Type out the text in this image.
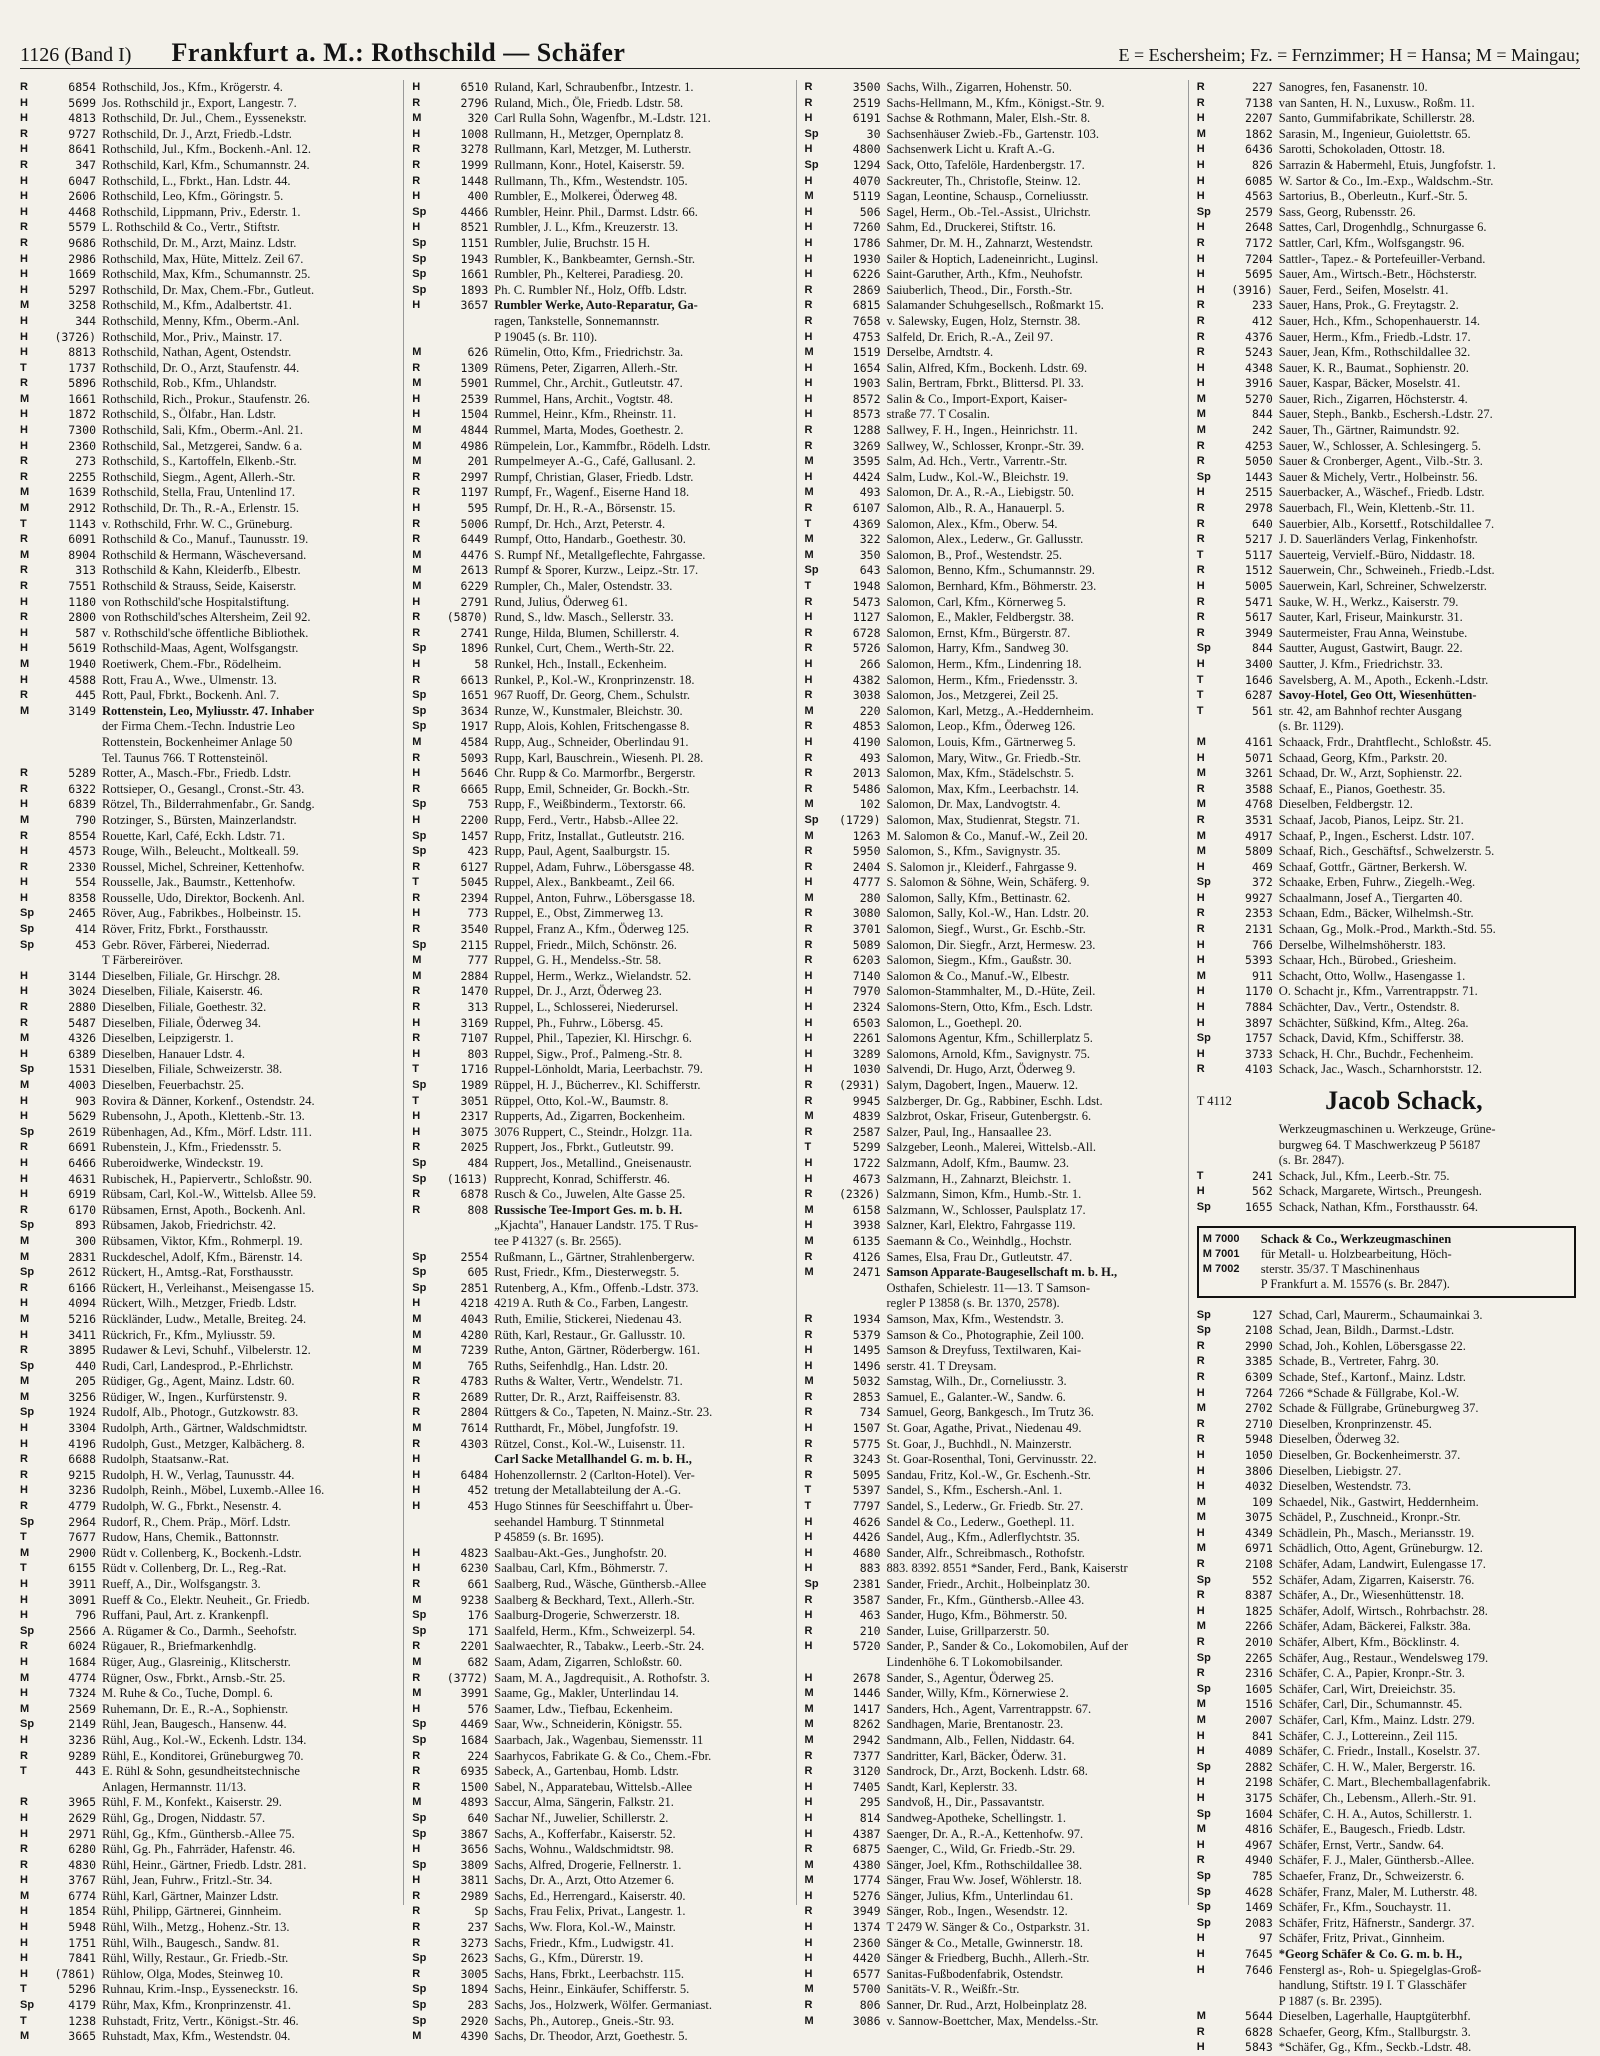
1126 (Band I) Frankfurt a. M.: Rothschild — Schäfer	E = Eschersheim; Fz. = Fernzimmer; H = Hansa; M = Maingau;
R	6854 Rothschild, Jos., Kfm., Krögerstr. 4.
H	5699 Jos. Rothschild jr., Export, Langestr. 7.
H	4813 Rothschild, Dr. Jul., Chem., Eyssenekstr.
R	9727 Rothschild, Dr. J., Arzt, Friedb.-Ldstr.
H	8641 Rothschild, Jul., Kfm., Bockenh.-Anl. 12.
R	347 Rothschild, Karl, Kfm., Schumannstr. 24.
H	6047 Rothschild, L., Fbrkt., Han. Ldstr. 44.
H	2606 Rothschild, Leo, Kfm., Göringstr. 5.
H	4468 Rothschild, Lippmann, Priv., Ederstr. 1.
R	5579 L. Rothschild & Co., Vertr., Stiftstr.
R	9686 Rothschild, Dr. M., Arzt, Mainz. Ldstr.
H	2986 Rothschild, Max, Hüte, Mittelz. Zeil 67.
H	1669 Rothschild, Max, Kfm., Schumannstr. 25.
H	5297 Rothschild, Dr. Max, Chem.-Fbr., Gutleut.
M	3258 Rothschild, M., Kfm., Adalbertstr. 41.
H	344 Rothschild, Menny, Kfm., Oberm.-Anl.
H	(3726) Rothschild, Mor., Priv., Mainstr. 17.
H	8813 Rothschild, Nathan, Agent, Ostendstr.
T	1737 Rothschild, Dr. O., Arzt, Staufenstr. 44.
R	5896 Rothschild, Rob., Kfm., Uhlandstr.
M	1661 Rothschild, Rich., Prokur., Staufenstr. 26.
H	1872 Rothschild, S., Ölfabr., Han. Ldstr.
H	7300 Rothschild, Sali, Kfm., Oberm.-Anl. 21.
H	2360 Rothschild, Sal., Metzgerei, Sandw. 6 a.
R	273 Rothschild, S., Kartoffeln, Elkenb.-Str.
R	2255 Rothschild, Siegm., Agent, Allerh.-Str.
M	1639 Rothschild, Stella, Frau, Untenlind 17.
M	2912 Rothschild, Dr. Th., R.-A., Erlenstr. 15.
T	1143 v. Rothschild, Frhr. W. C., Grüneburg.
R	6091 Rothschild & Co., Manuf., Taunusstr. 19.
M	8904 Rothschild & Hermann, Wäscheversand.
R	313 Rothschild & Kahn, Kleiderfb., Elbestr.
R	7551 Rothschild & Strauss, Seide, Kaiserstr.
H	1180 von Rothschild'sche Hospitalstiftung.
R	2800 von Rothschild'sches Altersheim, Zeil 92.
H	587 v. Rothschild'sche öffentliche Bibliothek.
H	5619 Rothschild-Maas, Agent, Wolfsgangstr.
M	1940 Roetiwerk, Chem.-Fbr., Rödelheim.
H	4588 Rott, Frau A., Wwe., Ulmenstr. 13.
R	445 Rott, Paul, Fbrkt., Bockenh. Anl. 7.
M	3149 Rottenstein, Leo, Myliusstr. 47. Inhaber
der Firma Chem.-Techn. Industrie Leo
Rottenstein, Bockenheimer Anlage 50
Tel. Taunus 766. T Rottensteinöl.
R	5289 Rotter, A., Masch.-Fbr., Friedb. Ldstr.
R	6322 Rottsieper, O., Gesangl., Cronst.-Str. 43.
H	6839 Rötzel, Th., Bilderrahmenfabr., Gr. Sandg.
M	790 Rotzinger, S., Bürsten, Mainzerlandstr.
R	8554 Rouette, Karl, Café, Eckh. Ldstr. 71.
H	4573 Rouge, Wilh., Beleucht., Moltkeall. 59.
R	2330 Roussel, Michel, Schreiner, Kettenhofw.
H	554 Rousselle, Jak., Baumstr., Kettenhofw.
H	8358 Rousselle, Udo, Direktor, Bockenh. Anl.
Sp	2465 Röver, Aug., Fabrikbes., Holbeinstr. 15.
Sp	414 Röver, Fritz, Fbrkt., Forsthausstr.
Sp	453 Gebr. Röver, Färberei, Niederrad.
T Färbereiröver.
H	3144 Dieselben, Filiale, Gr. Hirschgr. 28.
H	3024 Dieselben, Filiale, Kaiserstr. 46.
R	2880 Dieselben, Filiale, Goethestr. 32.
R	5487 Dieselben, Filiale, Öderweg 34.
M	4326 Dieselben, Leipzigerstr. 1.
H	6389 Dieselben, Hanauer Ldstr. 4.
Sp	1531 Dieselben, Filiale, Schweizerstr. 38.
M	4003 Dieselben, Feuerbachstr. 25.
H	903 Rovira & Dänner, Korkenf., Ostendstr. 24.
H	5629 Rubensohn, J., Apoth., Klettenb.-Str. 13.
Sp	2619 Rübenhagen, Ad., Kfm., Mörf. Ldstr. 111.
R	6691 Rubenstein, J., Kfm., Friedensstr. 5.
H	6466 Ruberoidwerke, Windeckstr. 19.
H	4631 Rubischek, H., Papiervertr., Schloßstr. 90.
H	6919 Rübsam, Carl, Kol.-W., Wittelsb. Allee 59.
R	6170 Rübsamen, Ernst, Apoth., Bockenh. Anl.
Sp	893 Rübsamen, Jakob, Friedrichstr. 42.
M	300 Rübsamen, Viktor, Kfm., Rohmerpl. 19.
M	2831 Ruckdeschel, Adolf, Kfm., Bärenstr. 14.
Sp	2612 Rückert, H., Amtsg.-Rat, Forsthausstr.
R	6166 Rückert, H., Verleihanst., Meisengasse 15.
H	4094 Rückert, Wilh., Metzger, Friedb. Ldstr.
M	5216 Rückländer, Ludw., Metalle, Breiteg. 24.
H	3411 Rückrich, Fr., Kfm., Myliusstr. 59.
R	3895 Rudawer & Levi, Schuhf., Vilbelerstr. 12.
Sp	440 Rudi, Carl, Landesprod., P.-Ehrlichstr.
M	205 Rüdiger, Gg., Agent, Mainz. Ldstr. 60.
M	3256 Rüdiger, W., Ingen., Kurfürstenstr. 9.
Sp	1924 Rudolf, Alb., Photogr., Gutzkowstr. 83.
H	3304 Rudolph, Arth., Gärtner, Waldschmidtstr.
H	4196 Rudolph, Gust., Metzger, Kalbächerg. 8.
R	6688 Rudolph, Staatsanw.-Rat.
R	9215 Rudolph, H. W., Verlag, Taunusstr. 44.
H	3236 Rudolph, Reinh., Möbel, Luxemb.-Allee 16.
R	4779 Rudolph, W. G., Fbrkt., Nesenstr. 4.
Sp	2964 Rudorf, R., Chem. Präp., Mörf. Ldstr.
T	7677 Rudow, Hans, Chemik., Battonnstr.
M	2900 Rüdt v. Collenberg, K., Bockenh.-Ldstr.
T	6155 Rüdt v. Collenberg, Dr. L., Reg.-Rat.
H	3911 Rueff, A., Dir., Wolfsgangstr. 3.
H	3091 Rueff & Co., Elektr. Neuheit., Gr. Friedb.
H	796 Ruffani, Paul, Art. z. Krankenpfl.
Sp	2566 A. Rügamer & Co., Darmh., Seehofstr.
R	6024 Rügauer, R., Briefmarkenhdlg.
H	1684 Rüger, Aug., Glasreinig., Klitscherstr.
M	4774 Rügner, Osw., Fbrkt., Arnsb.-Str. 25.
H	7324 M. Ruhe & Co., Tuche, Dompl. 6.
M	2569 Ruhemann, Dr. E., R.-A., Sophienstr.
Sp	2149 Rühl, Jean, Baugesch., Hansenw. 44.
H	3236 Rühl, Aug., Kol.-W., Eckenh. Ldstr. 134.
R	9289 Rühl, E., Konditorei, Grüneburgweg 70.
T	443 E. Rühl & Sohn, gesundheitstechnische
Anlagen, Hermannstr. 11/13.
R	3965 Rühl, F. M., Konfekt., Kaiserstr. 29.
H	2629 Rühl, Gg., Drogen, Niddastr. 57.
H	2971 Rühl, Gg., Kfm., Günthersb.-Allee 75.
R	6280 Rühl, Gg. Ph., Fahrräder, Hafenstr. 46.
R	4830 Rühl, Heinr., Gärtner, Friedb. Ldstr. 281.
H	3767 Rühl, Jean, Fuhrw., Fritzl.-Str. 34.
M	6774 Rühl, Karl, Gärtner, Mainzer Ldstr.
H	1854 Rühl, Philipp, Gärtnerei, Ginnheim.
H	5948 Rühl, Wilh., Metzg., Hohenz.-Str. 13.
H	1751 Rühl, Wilh., Baugesch., Sandw. 81.
H	7841 Rühl, Willy, Restaur., Gr. Friedb.-Str.
H	(7861) Rühlow, Olga, Modes, Steinweg 10.
T	5296 Ruhnau, Krim.-Insp., Eysseneckstr. 16.
Sp	4179 Rühr, Max, Kfm., Kronprinzenstr. 41.
T	1238 Ruhstadt, Fritz, Vertr., Königst.-Str. 46.
M	3665 Ruhstadt, Max, Kfm., Westendstr. 04.
H	6510 Ruland, Karl, Schraubenfbr., Intzestr. 1.
R	2796 Ruland, Mich., Öle, Friedb. Ldstr. 58.
M	320 Carl Rulla Sohn, Wagenfbr., M.-Ldstr. 121.
H	1008 Rullmann, H., Metzger, Opernplatz 8.
R	3278 Rullmann, Karl, Metzger, M. Lutherstr.
R	1999 Rullmann, Konr., Hotel, Kaiserstr. 59.
R	1448 Rullmann, Th., Kfm., Westendstr. 105.
H	400 Rumbler, E., Molkerei, Öderweg 48.
Sp	4466 Rumbler, Heinr. Phil., Darmst. Ldstr. 66.
H	8521 Rumbler, J. L., Kfm., Kreuzerstr. 13.
Sp	1151 Rumbler, Julie, Bruchstr. 15 H.
Sp	1943 Rumbler, K., Bankbeamter, Gernsh.-Str.
Sp	1661 Rumbler, Ph., Kelterei, Paradiesg. 20.
Sp	1893 Ph. C. Rumbler Nf., Holz, Offb. Ldstr.
H	3657 Rumbler Werke, Auto-Reparatur, Ga-
ragen, Tankstelle, Sonnemannstr.
P 19045 (s. Br. 110).
M	626 Rümelin, Otto, Kfm., Friedrichstr. 3a.
R	1309 Rümens, Peter, Zigarren, Allerh.-Str.
M	5901 Rummel, Chr., Archit., Gutleutstr. 47.
H	2539 Rummel, Hans, Archit., Vogtstr. 48.
H	1504 Rummel, Heinr., Kfm., Rheinstr. 11.
M	4844 Rummel, Marta, Modes, Goethestr. 2.
M	4986 Rümpelein, Lor., Kammfbr., Rödelh. Ldstr.
M	201 Rumpelmeyer A.-G., Café, Gallusanl. 2.
R	2997 Rumpf, Christian, Glaser, Friedb. Ldstr.
R	1197 Rumpf, Fr., Wagenf., Eiserne Hand 18.
H	595 Rumpf, Dr. H., R.-A., Börsenstr. 15.
R	5006 Rumpf, Dr. Hch., Arzt, Peterstr. 4.
R	6449 Rumpf, Otto, Handarb., Goethestr. 30.
M	4476 S. Rumpf Nf., Metallgeflechte, Fahrgasse.
M	2613 Rumpf & Sporer, Kurzw., Leipz.-Str. 17.
M	6229 Rumpler, Ch., Maler, Ostendstr. 33.
H	2791 Rund, Julius, Öderweg 61.
R	(5870) Rund, S., ldw. Masch., Sellerstr. 33.
R	2741 Runge, Hilda, Blumen, Schillerstr. 4.
Sp	1896 Runkel, Curt, Chem., Werth-Str. 22.
H	58 Runkel, Hch., Install., Eckenheim.
R	6613 Runkel, P., Kol.-W., Kronprinzenstr. 18.
Sp	1651 967 Ruoff, Dr. Georg, Chem., Schulstr.
Sp	3634 Runze, W., Kunstmaler, Bleichstr. 30.
Sp	1917 Rupp, Alois, Kohlen, Fritschengasse 8.
M	4584 Rupp, Aug., Schneider, Oberlindau 91.
R	5093 Rupp, Karl, Bauschrein., Wiesenh. Pl. 28.
H	5646 Chr. Rupp & Co. Marmorfbr., Bergerstr.
R	6665 Rupp, Emil, Schneider, Gr. Bockh.-Str.
Sp	753 Rupp, F., Weißbinderm., Textorstr. 66.
H	2200 Rupp, Ferd., Vertr., Habsb.-Allee 22.
Sp	1457 Rupp, Fritz, Installat., Gutleutstr. 216.
Sp	423 Rupp, Paul, Agent, Saalburgstr. 15.
R	6127 Ruppel, Adam, Fuhrw., Löbersgasse 48.
T	5045 Ruppel, Alex., Bankbeamt., Zeil 66.
R	2394 Ruppel, Anton, Fuhrw., Löbersgasse 18.
H	773 Ruppel, E., Obst, Zimmerweg 13.
R	3540 Ruppel, Franz A., Kfm., Öderweg 125.
Sp	2115 Ruppel, Friedr., Milch, Schönstr. 26.
M	777 Ruppel, G. H., Mendelss.-Str. 58.
M	2884 Ruppel, Herm., Werkz., Wielandstr. 52.
R	1470 Ruppel, Dr. J., Arzt, Öderweg 23.
R	313 Ruppel, L., Schlosserei, Niederursel.
H	3169 Ruppel, Ph., Fuhrw., Löbersg. 45.
R	7107 Ruppel, Phil., Tapezier, Kl. Hirschgr. 6.
H	803 Ruppel, Sigw., Prof., Palmeng.-Str. 8.
T	1716 Ruppel-Lönholdt, Maria, Leerbachstr. 79.
Sp	1989 Rüppel, H. J., Bücherrev., Kl. Schifferstr.
T	3051 Rüppel, Otto, Kol.-W., Baumstr. 8.
H	2317 Rupperts, Ad., Zigarren, Bockenheim.
H	3075 3076 Ruppert, C., Steindr., Holzgr. 11a.
R	2025 Ruppert, Jos., Fbrkt., Gutleutstr. 99.
Sp	484 Ruppert, Jos., Metallind., Gneisenaustr.
Sp	(1613) Rupprecht, Konrad, Schifferstr. 46.
R	6878 Rusch & Co., Juwelen, Alte Gasse 25.
R	808 Russische Tee-Import Ges. m. b. H.
„Kjachta", Hanauer Landstr. 175. T Rus-
tee P 41327 (s. Br. 2565).
Sp	2554 Rußmann, L., Gärtner, Strahlenbergerw.
Sp	605 Rust, Friedr., Kfm., Diesterwegstr. 5.
Sp	2851 Rutenberg, A., Kfm., Offenb.-Ldstr. 373.
H	4218 4219 A. Ruth & Co., Farben, Langestr.
M	4043 Ruth, Emilie, Stickerei, Niedenau 43.
M	4280 Rüth, Karl, Restaur., Gr. Gallusstr. 10.
M	7239 Ruthe, Anton, Gärtner, Röderbergw. 161.
M	765 Ruths, Seifenhdlg., Han. Ldstr. 20.
R	4783 Ruths & Walter, Vertr., Wendelstr. 71.
R	2689 Rutter, Dr. R., Arzt, Raiffeisenstr. 83.
R	2804 Rüttgers & Co., Tapeten, N. Mainz.-Str. 23.
M	7614 Rutthardt, Fr., Möbel, Jungfofstr. 19.
R	4303 Rützel, Const., Kol.-W., Luisenstr. 11.
H	Carl Sacke Metallhandel G. m. b. H.,
H	6484 Hohenzollernstr. 2 (Carlton-Hotel). Ver-
H	452 tretung der Metallabteilung der A.-G.
H	453 Hugo Stinnes für Seeschiffahrt u. Über-
seehandel Hamburg. T Stinnmetal
P 45859 (s. Br. 1695).
H	4823 Saalbau-Akt.-Ges., Junghofstr. 20.
H	6230 Saalbau, Carl, Kfm., Böhmerstr. 7.
R	661 Saalberg, Rud., Wäsche, Günthersb.-Allee
M	9238 Saalberg & Beckhard, Text., Allerh.-Str.
Sp	176 Saalburg-Drogerie, Schwerzerstr. 18.
Sp	171 Saalfeld, Herm., Kfm., Schweizerpl. 54.
R	2201 Saalwaechter, R., Tabakw., Leerb.-Str. 24.
M	682 Saam, Adam, Zigarren, Schloßstr. 60.
R	(3772) Saam, M. A., Jagdrequisit., A. Rothofstr. 3.
M	3991 Saame, Gg., Makler, Unterlindau 14.
H	576 Saamer, Ldw., Tiefbau, Eckenheim.
Sp	4469 Saar, Ww., Schneiderin, Königstr. 55.
Sp	1684 Saarbach, Jak., Wagenbau, Siemensstr. 11
R	224 Saarhycos, Fabrikate G. & Co., Chem.-Fbr.
R	6935 Sabeck, A., Gartenbau, Homb. Ldstr.
R	1500 Sabel, N., Apparatebau, Wittelsb.-Allee
M	4893 Saccur, Alma, Sängerin, Falkstr. 21.
Sp	640 Sachar Nf., Juwelier, Schillerstr. 2.
Sp	3867 Sachs, A., Kofferfabr., Kaiserstr. 52.
H	3656 Sachs, Wohnu., Waldschmidtstr. 98.
Sp	3809 Sachs, Alfred, Drogerie, Fellnerstr. 1.
H	3811 Sachs, Dr. A., Arzt, Otto Atzemer 6.
R	2989 Sachs, Ed., Herrengard., Kaiserstr. 40.
R	Sp Sachs, Frau Felix, Privat., Langestr. 1.
R	237 Sachs, Ww. Flora, Kol.-W., Mainstr.
R	3273 Sachs, Friedr., Kfm., Ludwigstr. 41.
Sp	2623 Sachs, G., Kfm., Dürerstr. 19.
R	3005 Sachs, Hans, Fbrkt., Leerbachstr. 115.
Sp	1894 Sachs, Heinr., Einkäufer, Schifferstr. 5.
Sp	283 Sachs, Jos., Holzwerk, Wölfer. Germaniast.
Sp	2920 Sachs, Ph., Autorep., Gneis.-Str. 93.
M	4390 Sachs, Dr. Theodor, Arzt, Goethestr. 5.
R	3500 Sachs, Wilh., Zigarren, Hohenstr. 50.
R	2519 Sachs-Hellmann, M., Kfm., Königst.-Str. 9.
H	6191 Sachse & Rothmann, Maler, Elsh.-Str. 8.
Sp	30 Sachsenhäuser Zwieb.-Fb., Gartenstr. 103.
H	4800 Sachsenwerk Licht u. Kraft A.-G.
Sp	1294 Sack, Otto, Tafelöle, Hardenbergstr. 17.
H	4070 Sackreuter, Th., Christofle, Steinw. 12.
M	5119 Sagan, Leontine, Schausp., Corneliusstr.
H	506 Sagel, Herm., Ob.-Tel.-Assist., Ulrichstr.
H	7260 Sahm, Ed., Druckerei, Stiftstr. 16.
H	1786 Sahmer, Dr. M. H., Zahnarzt, Westendstr.
H	1930 Sailer & Hoptich, Ladeneinricht., Luginsl.
H	6226 Saint-Garuther, Arth., Kfm., Neuhofstr.
R	2869 Saiuberlich, Theod., Dir., Forsth.-Str.
R	6815 Salamander Schuhgesellsch., Roßmarkt 15.
R	7658 v. Salewsky, Eugen, Holz, Sternstr. 38.
H	4753 Salfeld, Dr. Erich, R.-A., Zeil 97.
M	1519 Derselbe, Arndtstr. 4.
H	1654 Salin, Alfred, Kfm., Bockenh. Ldstr. 69.
H	1903 Salin, Bertram, Fbrkt., Blittersd. Pl. 33.
H	8572 Salin & Co., Import-Export, Kaiser-
H	8573 straße 77. T Cosalin.
R	1288 Sallwey, F. H., Ingen., Heinrichstr. 11.
R	3269 Sallwey, W., Schlosser, Kronpr.-Str. 39.
M	3595 Salm, Ad. Hch., Vertr., Varrentr.-Str.
H	4424 Salm, Ludw., Kol.-W., Bleichstr. 19.
M	493 Salomon, Dr. A., R.-A., Liebigstr. 50.
R	6107 Salomon, Alb., R. A., Hanauerpl. 5.
T	4369 Salomon, Alex., Kfm., Oberw. 54.
M	322 Salomon, Alex., Lederw., Gr. Gallusstr.
M	350 Salomon, B., Prof., Westendstr. 25.
Sp	643 Salomon, Benno, Kfm., Schumannstr. 29.
T	1948 Salomon, Bernhard, Kfm., Böhmerstr. 23.
R	5473 Salomon, Carl, Kfm., Körnerweg 5.
H	1127 Salomon, E., Makler, Feldbergstr. 38.
R	6728 Salomon, Ernst, Kfm., Bürgerstr. 87.
R	5726 Salomon, Harry, Kfm., Sandweg 30.
H	266 Salomon, Herm., Kfm., Lindenring 18.
H	4382 Salomon, Herm., Kfm., Friedensstr. 3.
R	3038 Salomon, Jos., Metzgerei, Zeil 25.
M	220 Salomon, Karl, Metzg., A.-Heddernheim.
R	4853 Salomon, Leop., Kfm., Öderweg 126.
H	4190 Salomon, Louis, Kfm., Gärtnerweg 5.
R	493 Salomon, Mary, Witw., Gr. Friedb.-Str.
R	2013 Salomon, Max, Kfm., Städelschstr. 5.
R	5486 Salomon, Max, Kfm., Leerbachstr. 14.
M	102 Salomon, Dr. Max, Landvogtstr. 4.
Sp	(1729) Salomon, Max, Studienrat, Stegstr. 71.
M	1263 M. Salomon & Co., Manuf.-W., Zeil 20.
R	5950 Salomon, S., Kfm., Savignystr. 35.
R	2404 S. Salomon jr., Kleiderf., Fahrgasse 9.
H	4777 S. Salomon & Söhne, Wein, Schäferg. 9.
M	280 Salomon, Sally, Kfm., Bettinastr. 62.
R	3080 Salomon, Sally, Kol.-W., Han. Ldstr. 20.
R	3701 Salomon, Siegf., Wurst., Gr. Eschb.-Str.
R	5089 Salomon, Dir. Siegfr., Arzt, Hermesw. 23.
R	6203 Salomon, Siegm., Kfm., Gaußstr. 30.
H	7140 Salomon & Co., Manuf.-W., Elbestr.
H	7970 Salomon-Stammhalter, M., D.-Hüte, Zeil.
H	2324 Salomons-Stern, Otto, Kfm., Esch. Ldstr.
H	6503 Salomon, L., Goethepl. 20.
H	2261 Salomons Agentur, Kfm., Schillerplatz 5.
H	3289 Salomons, Arnold, Kfm., Savignystr. 75.
H	1030 Salvendi, Dr. Hugo, Arzt, Öderweg 9.
R	(2931) Salym, Dagobert, Ingen., Mauerw. 12.
R	9945 Salzberger, Dr. Gg., Rabbiner, Eschh. Ldst.
M	4839 Salzbrot, Oskar, Friseur, Gutenbergstr. 6.
R	2587 Salzer, Paul, Ing., Hansaallee 23.
T	5299 Salzgeber, Leonh., Malerei, Wittelsb.-All.
H	1722 Salzmann, Adolf, Kfm., Baumw. 23.
H	4673 Salzmann, H., Zahnarzt, Bleichstr. 1.
R	(2326) Salzmann, Simon, Kfm., Humb.-Str. 1.
M	6158 Salzmann, W., Schlosser, Paulsplatz 17.
H	3938 Salzner, Karl, Elektro, Fahrgasse 119.
M	6135 Saemann & Co., Weinhdlg., Hochstr.
R	4126 Sames, Elsa, Frau Dr., Gutleutstr. 47.
M	2471 Samson Apparate-Baugesellschaft m. b. H.,
Osthafen, Schielestr. 11—13. T Samson-
regler P 13858 (s. Br. 1370, 2578).
R	1934 Samson, Max, Kfm., Westendstr. 3.
R	5379 Samson & Co., Photographie, Zeil 100.
H	1495 Samson & Dreyfuss, Textilwaren, Kai-
H	1496 serstr. 41. T Dreysam.
M	5032 Samstag, Wilh., Dr., Corneliusstr. 3.
R	2853 Samuel, E., Galanter.-W., Sandw. 6.
R	734 Samuel, Georg, Bankgesch., Im Trutz 36.
H	1507 St. Goar, Agathe, Privat., Niedenau 49.
R	5775 St. Goar, J., Buchhdl., N. Mainzerstr.
R	3243 St. Goar-Rosenthal, Toni, Gervinusstr. 22.
R	5095 Sandau, Fritz, Kol.-W., Gr. Eschenh.-Str.
T	5397 Sandel, S., Kfm., Eschersh.-Anl. 1.
T	7797 Sandel, S., Lederw., Gr. Friedb. Str. 27.
H	4626 Sandel & Co., Lederw., Goethepl. 11.
H	4426 Sandel, Aug., Kfm., Adlerflychtstr. 35.
H	4680 Sander, Alfr., Schreibmasch., Rothofstr.
H	883 883. 8392. 8551 *Sander, Ferd., Bank, Kaiserstr
Sp	2381 Sander, Friedr., Archit., Holbeinplatz 30.
R	3587 Sander, Fr., Kfm., Günthersb.-Allee 43.
H	463 Sander, Hugo, Kfm., Böhmerstr. 50.
R	210 Sander, Luise, Grillparzerstr. 50.
H	5720 Sander, P., Sander & Co., Lokomobilen, Auf der
Lindenhöhe 6. T Lokomobilsander.
H	2678 Sander, S., Agentur, Öderweg 25.
M	1446 Sander, Willy, Kfm., Körnerwiese 2.
M	1417 Sanders, Hch., Agent, Varrentrappstr. 67.
M	8262 Sandhagen, Marie, Brentanostr. 23.
M	2942 Sandmann, Alb., Fellen, Niddastr. 64.
R	7377 Sandritter, Karl, Bäcker, Öderw. 31.
R	3120 Sandrock, Dr., Arzt, Bockenh. Ldstr. 68.
H	7405 Sandt, Karl, Keplerstr. 33.
H	295 Sandvoß, H., Dir., Passavantstr.
H	814 Sandweg-Apotheke, Schellingstr. 1.
H	4387 Saenger, Dr. A., R.-A., Kettenhofw. 97.
R	6875 Saenger, C., Wild, Gr. Friedb.-Str. 29.
M	4380 Sänger, Joel, Kfm., Rothschildallee 38.
M	1774 Sänger, Frau Ww. Josef, Wöhlerstr. 18.
H	5276 Sänger, Julius, Kfm., Unterlindau 61.
R	3949 Sänger, Rob., Ingen., Wesendstr. 12.
H	1374 T 2479 W. Sänger & Co., Ostparkstr. 31.
H	2360 Sänger & Co., Metalle, Gwinnerstr. 18.
H	4420 Sänger & Friedberg, Buchh., Allerh.-Str.
H	6577 Sanitas-Fußbodenfabrik, Ostendstr.
M	5700 Sanitäts-V. R., Weißfr.-Str.
R	806 Sanner, Dr. Rud., Arzt, Holbeinplatz 28.
M	3086 v. Sannow-Boettcher, Max, Mendelss.-Str.
R	227 Sanogres, fen, Fasanenstr. 10.
R	7138 van Santen, H. N., Luxusw., Roßm. 11.
H	2207 Santo, Gummifabrikate, Schillerstr. 28.
M	1862 Sarasin, M., Ingenieur, Guiolettstr. 65.
H	6436 Sarotti, Schokoladen, Ottostr. 18.
H	826 Sarrazin & Habermehl, Etuis, Jungfofstr. 1.
H	6085 W. Sartor & Co., Im.-Exp., Waldschm.-Str.
H	4563 Sartorius, B., Oberleutn., Kurf.-Str. 5.
Sp	2579 Sass, Georg, Rubensstr. 26.
H	2648 Sattes, Carl, Drogenhdlg., Schnurgasse 6.
R	7172 Sattler, Carl, Kfm., Wolfsgangstr. 96.
H	7204 Sattler-, Tapez.- & Portefeuiller-Verband.
H	5695 Sauer, Am., Wirtsch.-Betr., Höchsterstr.
H	(3916) Sauer, Ferd., Seifen, Moselstr. 41.
R	233 Sauer, Hans, Prok., G. Freytagstr. 2.
R	412 Sauer, Hch., Kfm., Schopenhauerstr. 14.
R	4376 Sauer, Herm., Kfm., Friedb.-Ldstr. 17.
R	5243 Sauer, Jean, Kfm., Rothschildallee 32.
H	4348 Sauer, K. R., Baumat., Sophienstr. 20.
H	3916 Sauer, Kaspar, Bäcker, Moselstr. 41.
M	5270 Sauer, Rich., Zigarren, Höchsterstr. 4.
M	844 Sauer, Steph., Bankb., Eschersh.-Ldstr. 27.
M	242 Sauer, Th., Gärtner, Raimundstr. 92.
R	4253 Sauer, W., Schlosser, A. Schlesingerg. 5.
R	5050 Sauer & Cronberger, Agent., Vilb.-Str. 3.
Sp	1443 Sauer & Michely, Vertr., Holbeinstr. 56.
H	2515 Sauerbacker, A., Wäschef., Friedb. Ldstr.
R	2978 Sauerbach, Fl., Wein, Klettenb.-Str. 11.
R	640 Sauerbier, Alb., Korsettf., Rotschildallee 7.
R	5217 J. D. Sauerländers Verlag, Finkenhofstr.
T	5117 Sauerteig, Vervielf.-Büro, Niddastr. 18.
R	1512 Sauerwein, Chr., Schweineh., Friedb.-Ldst.
H	5005 Sauerwein, Karl, Schreiner, Schwelzerstr.
R	5471 Sauke, W. H., Werkz., Kaiserstr. 79.
R	5617 Sauter, Karl, Friseur, Mainkurstr. 31.
R	3949 Sautermeister, Frau Anna, Weinstube.
Sp	844 Sautter, August, Gastwirt, Baugr. 22.
H	3400 Sautter, J. Kfm., Friedrichstr. 33.
T	1646 Savelsberg, A. M., Apoth., Eckenh.-Ldstr.
T	6287 Savoy-Hotel, Geo Ott, Wiesenhütten-
T	561 str. 42, am Bahnhof rechter Ausgang
(s. Br. 1129).
M	4161 Schaack, Frdr., Drahtflecht., Schloßstr. 45.
H	5071 Schaad, Georg, Kfm., Parkstr. 20.
M	3261 Schaad, Dr. W., Arzt, Sophienstr. 22.
R	3588 Schaaf, E., Pianos, Goethestr. 35.
M	4768 Dieselben, Feldbergstr. 12.
R	3531 Schaaf, Jacob, Pianos, Leipz. Str. 21.
M	4917 Schaaf, P., Ingen., Escherst. Ldstr. 107.
M	5809 Schaaf, Rich., Geschäftsf., Schwelzerstr. 5.
H	469 Schaaf, Gottfr., Gärtner, Berkersh. W.
Sp	372 Schaake, Erben, Fuhrw., Ziegelh.-Weg.
H	9927 Schaalmann, Josef A., Tiergarten 40.
R	2353 Schaan, Edm., Bäcker, Wilhelmsh.-Str.
R	2131 Schaan, Gg., Molk.-Prod., Markth.-Std. 55.
H	766 Derselbe, Wilhelmshöherstr. 183.
H	5393 Schaar, Hch., Bürobed., Griesheim.
M	911 Schacht, Otto, Wollw., Hasengasse 1.
H	1170 O. Schacht jr., Kfm., Varrentrappstr. 71.
H	7884 Schächter, Dav., Vertr., Ostendstr. 8.
H	3897 Schächter, Süßkind, Kfm., Alteg. 26a.
Sp	1757 Schack, David, Kfm., Schifferstr. 38.
H	3733 Schack, H. Chr., Buchdr., Fechenheim.
R	4103 Schack, Jac., Wasch., Scharnhorststr. 12.
T 4112	Jacob Schack,
Werkzeugmaschinen u. Werkzeuge, Grüne-
burgweg 64. T Maschwerkzeug P 56187
(s. Br. 2847).
T	241 Schack, Jul., Kfm., Leerb.-Str. 75.
H	562 Schack, Margarete, Wirtsch., Preungesh.
Sp	1655 Schack, Nathan, Kfm., Forsthausstr. 64.
M 7000
M 7001
M 7002
Schack & Co., Werkzeugmaschinen
für Metall- u. Holzbearbeitung, Höch-
sterstr. 35/37. T Maschinenhaus
P Frankfurt a. M. 15576 (s. Br. 2847).
Sp	127 Schad, Carl, Maurerm., Schaumainkai 3.
Sp	2108 Schad, Jean, Bildh., Darmst.-Ldstr.
R	2990 Schad, Joh., Kohlen, Löbersgasse 22.
R	3385 Schade, B., Vertreter, Fahrg. 30.
R	6309 Schade, Stef., Kartonf., Mainz. Ldstr.
H	7264 7266 *Schade & Füllgrabe, Kol.-W.
M	2702 Schade & Füllgrabe, Grüneburgweg 37.
R	2710 Dieselben, Kronprinzenstr. 45.
R	5948 Dieselben, Öderweg 32.
H	1050 Dieselben, Gr. Bockenheimerstr. 37.
H	3806 Dieselben, Liebigstr. 27.
H	4032 Dieselben, Westendstr. 73.
M	109 Schaedel, Nik., Gastwirt, Heddernheim.
M	3075 Schädel, P., Zuschneid., Kronpr.-Str.
H	4349 Schädlein, Ph., Masch., Meriansstr. 19.
M	6971 Schädlich, Otto, Agent, Grüneburgw. 12.
R	2108 Schäfer, Adam, Landwirt, Eulengasse 17.
Sp	552 Schäfer, Adam, Zigarren, Kaiserstr. 76.
R	8387 Schäfer, A., Dr., Wiesenhüttenstr. 18.
H	1825 Schäfer, Adolf, Wirtsch., Rohrbachstr. 28.
M	2266 Schäfer, Adam, Bäckerei, Falkstr. 38a.
R	2010 Schäfer, Albert, Kfm., Böcklinstr. 4.
Sp	2265 Schäfer, Aug., Restaur., Wendelsweg 179.
R	2316 Schäfer, C. A., Papier, Kronpr.-Str. 3.
Sp	1605 Schäfer, Carl, Wirt, Dreieichstr. 35.
M	1516 Schäfer, Carl, Dir., Schumannstr. 45.
M	2007 Schäfer, Carl, Kfm., Mainz. Ldstr. 279.
H	841 Schäfer, C. J., Lottereinn., Zeil 115.
H	4089 Schäfer, C. Friedr., Install., Koselstr. 37.
Sp	2882 Schäfer, C. H. W., Maler, Bergerstr. 16.
H	2198 Schäfer, C. Mart., Blechemballagenfabrik.
H	3175 Schäfer, Ch., Lebensm., Allerh.-Str. 91.
Sp	1604 Schäfer, C. H. A., Autos, Schillerstr. 1.
M	4816 Schäfer, E., Baugesch., Friedb. Ldstr.
H	4967 Schäfer, Ernst, Vertr., Sandw. 64.
R	4940 Schäfer, F. J., Maler, Günthersb.-Allee.
Sp	785 Schaefer, Franz, Dr., Schweizerstr. 6.
Sp	4628 Schäfer, Franz, Maler, M. Lutherstr. 48.
Sp	1469 Schäfer, Fr., Kfm., Souchaystr. 11.
Sp	2083 Schäfer, Fritz, Häfnerstr., Sandergr. 37.
H	97 Schäfer, Fritz, Privat., Ginnheim.
H	7645 *Georg Schäfer & Co. G. m. b. H.,
H	7646 Fenstergl as-, Roh- u. Spiegelglas-Groß-
handlung, Stiftstr. 19 I. T Glasschäfer
P 1887 (s. Br. 2395).
M	5644 Dieselben, Lagerhalle, Hauptgüterbhf.
R	6828 Schaefer, Georg, Kfm., Stallburgstr. 3.
H	5843 *Schäfer, Gg., Kfm., Seckb.-Ldstr. 48.
